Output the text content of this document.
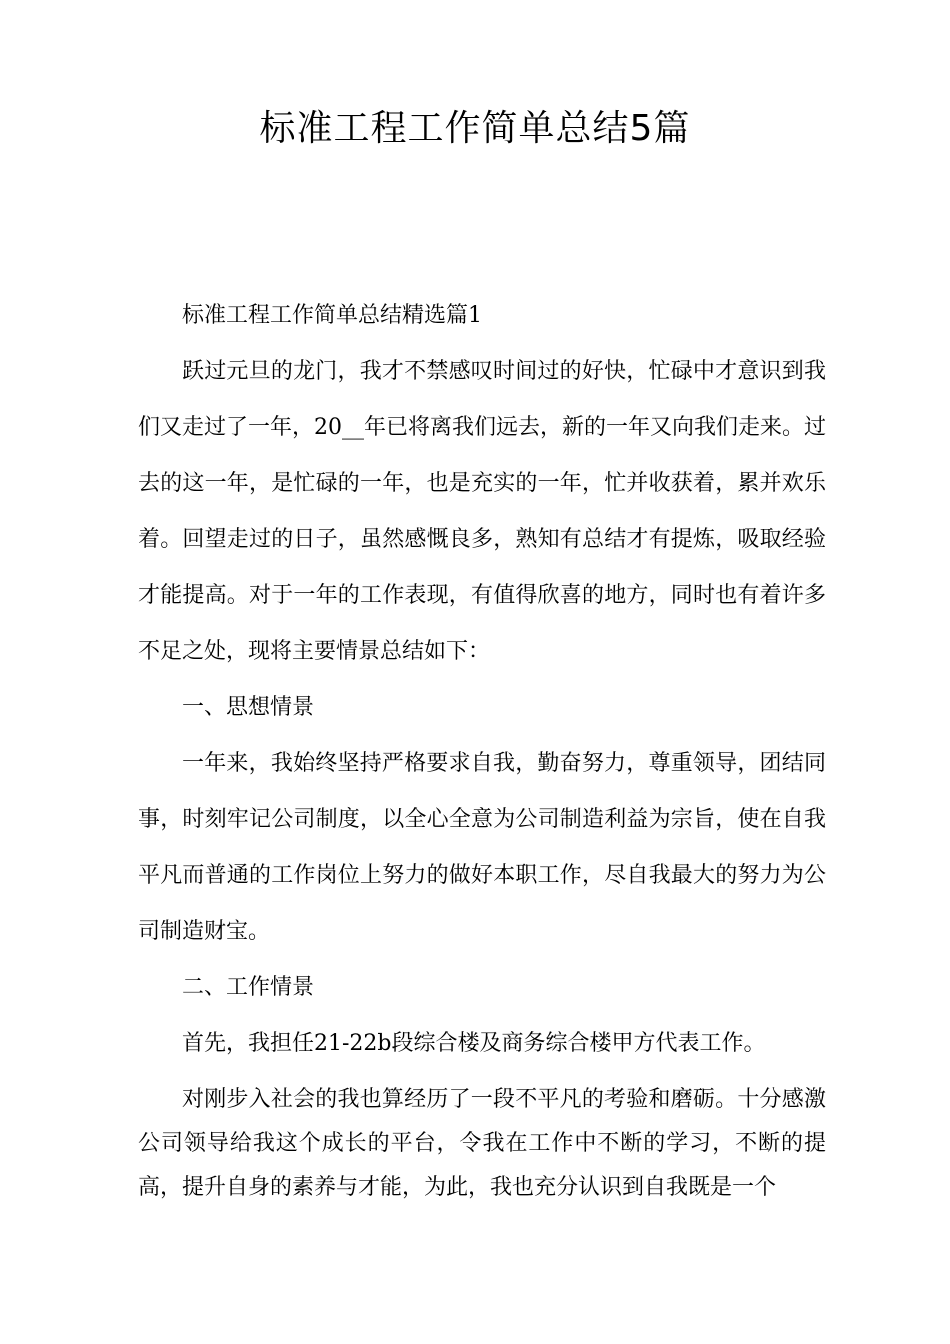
标准工程工作简单总结5篇

标准工程工作简单总结精选篇1

跃过元旦的龙门，我才不禁感叹时间过的好快，忙碌中才意识到我们又走过了一年，20__年已将离我们远去，新的一年又向我们走来。过去的这一年，是忙碌的一年，也是充实的一年，忙并收获着，累并欢乐着。回望走过的日子，虽然感慨良多，熟知有总结才有提炼，吸取经验才能提高。对于一年的工作表现，有值得欣喜的地方，同时也有着许多不足之处，现将主要情景总结如下：

一、思想情景

一年来，我始终坚持严格要求自我，勤奋努力，尊重领导，团结同事，时刻牢记公司制度，以全心全意为公司制造利益为宗旨，使在自我平凡而普通的工作岗位上努力的做好本职工作，尽自我最大的努力为公司制造财宝。

二、工作情景

首先，我担任21-22b段综合楼及商务综合楼甲方代表工作。

对刚步入社会的我也算经历了一段不平凡的考验和磨砺。十分感激公司领导给我这个成长的平台，令我在工作中不断的学习，不断的提高，提升自身的素养与才能，为此，我也充分认识到自我既是一个
